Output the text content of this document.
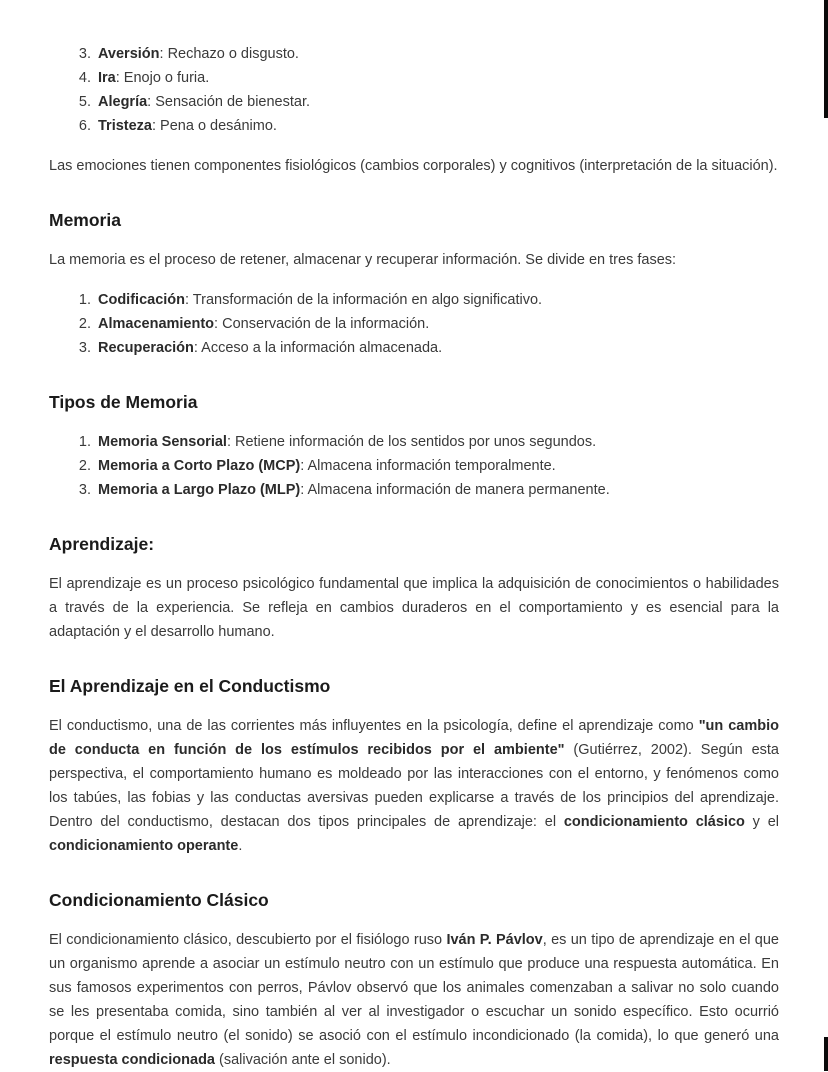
3. Aversión: Rechazo o disgusto.
4. Ira: Enojo o furia.
5. Alegría: Sensación de bienestar.
6. Tristeza: Pena o desánimo.

Las emociones tienen componentes fisiológicos (cambios corporales) y cognitivos (interpretación de la situación).

Memoria

La memoria es el proceso de retener, almacenar y recuperar información. Se divide en tres fases:

1. Codificación: Transformación de la información en algo significativo.
2. Almacenamiento: Conservación de la información.
3. Recuperación: Acceso a la información almacenada.
Tipos de Memoria
1. Memoria Sensorial: Retiene información de los sentidos por unos segundos.
2. Memoria a Corto Plazo (MCP): Almacena información temporalmente.
3. Memoria a Largo Plazo (MLP): Almacena información de manera permanente.
Aprendizaje:

El aprendizaje es un proceso psicológico fundamental que implica la adquisición de conocimientos o habilidades a través de la experiencia. Se refleja en cambios duraderos en el comportamiento y es esencial para la adaptación y el desarrollo humano.

El Aprendizaje en el Conductismo

El conductismo, una de las corrientes más influyentes en la psicología, define el aprendizaje como "un cambio de conducta en función de los estímulos recibidos por el ambiente" (Gutiérrez, 2002). Según esta perspectiva, el comportamiento humano es moldeado por las interacciones con el entorno, y fenómenos como los tabúes, las fobias y las conductas aversivas pueden explicarse a través de los principios del aprendizaje. Dentro del conductismo, destacan dos tipos principales de aprendizaje: el condicionamiento clásico y el condicionamiento operante.

Condicionamiento Clásico

El condicionamiento clásico, descubierto por el fisiólogo ruso Iván P. Pávlov, es un tipo de aprendizaje en el que un organismo aprende a asociar un estímulo neutro con un estímulo que produce una respuesta automática. En sus famosos experimentos con perros, Pávlov observó que los animales comenzaban a salivar no solo cuando se les presentaba comida, sino también al ver al investigador o escuchar un sonido específico. Esto ocurrió porque el estímulo neutro (el sonido) se asoció con el estímulo incondicionado (la comida), lo que generó una respuesta condicionada (salivación ante el sonido).
